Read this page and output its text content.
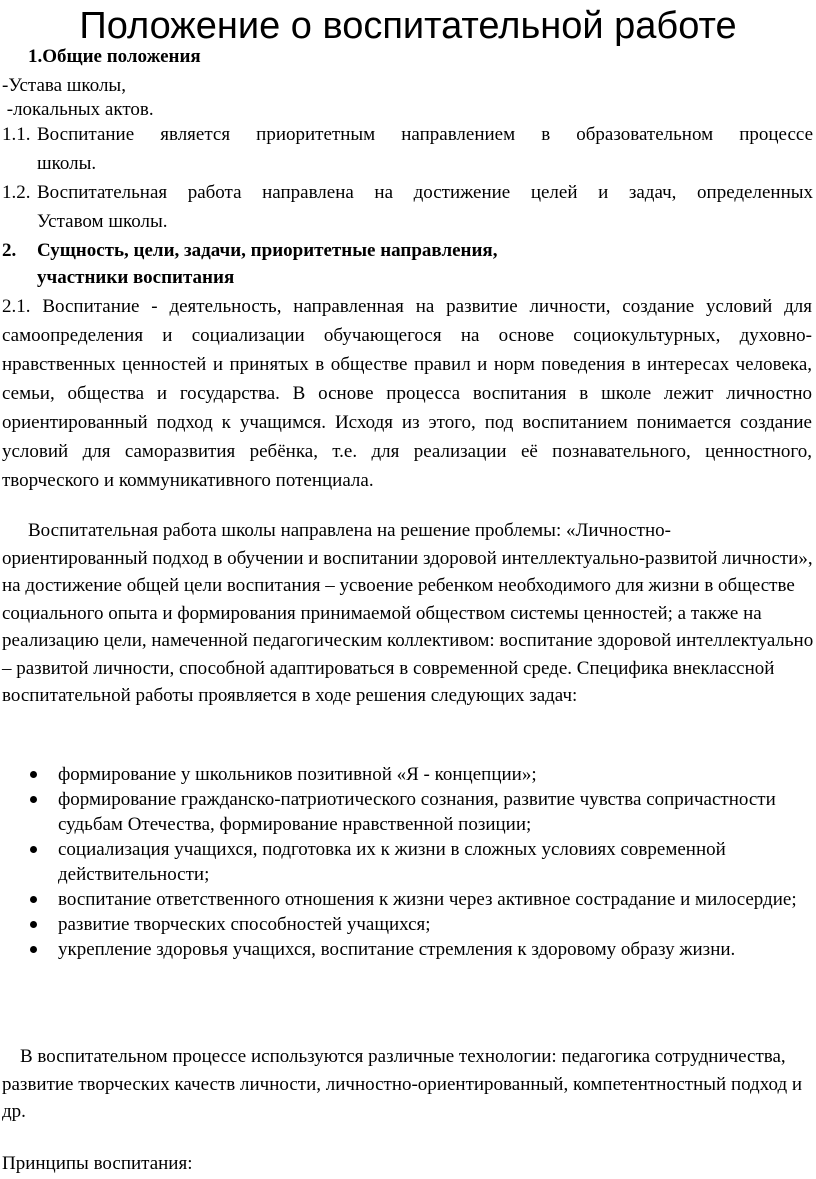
Положение о воспитательной работе

1.Общие положения

-Устава школы,

-локальных актов.

1.1. Воспитание является приоритетным направлением в образовательном процессе

школы.

1.2. Воспитательная работа направлена на достижение целей и задач, определенных

Уставом школы.

2. Сущность, цели, задачи, приоритетные направления,

участники воспитания

2.1. Воспитание - деятельность, направленная на развитие личности, создание условий для самоопределения и социализации обучающегося на основе социокультурных, духовно-нравственных ценностей и принятых в обществе правил и норм поведения в интересах человека, семьи, общества и государства. В основе процесса воспитания в школе лежит личностно ориентированный подход к учащимся. Исходя из этого, под воспитанием понимается создание условий для саморазвития ребёнка, т.е. для реализации её познавательного, ценностного, творческого и коммуникативного потенциала.

Воспитательная работа школы направлена на решение проблемы: «Личностно-ориентированный подход в обучении и воспитании здоровой интеллектуально-развитой личности», на достижение общей цели воспитания – усвоение ребенком необходимого для жизни в обществе социального опыта и формирования принимаемой обществом системы ценностей; а также на реализацию цели, намеченной педагогическим коллективом: воспитание здоровой интеллектуально – развитой личности, способной адаптироваться в современной среде. Специфика внеклассной воспитательной работы проявляется в ходе решения следующих задач:

формирование у школьников позитивной «Я - концепции»;
формирование гражданско-патриотического сознания, развитие чувства сопричастности судьбам Отечества, формирование нравственной позиции;
социализация учащихся, подготовка их к жизни в сложных условиях современной действительности;
воспитание ответственного отношения к жизни через активное сострадание и милосердие;
развитие творческих способностей учащихся;
укрепление здоровья учащихся, воспитание стремления к здоровому образу жизни.

В воспитательном процессе используются различные технологии: педагогика сотрудничества, развитие творческих качеств личности, личностно-ориентированный, компетентностный подход и др.

Принципы воспитания:
